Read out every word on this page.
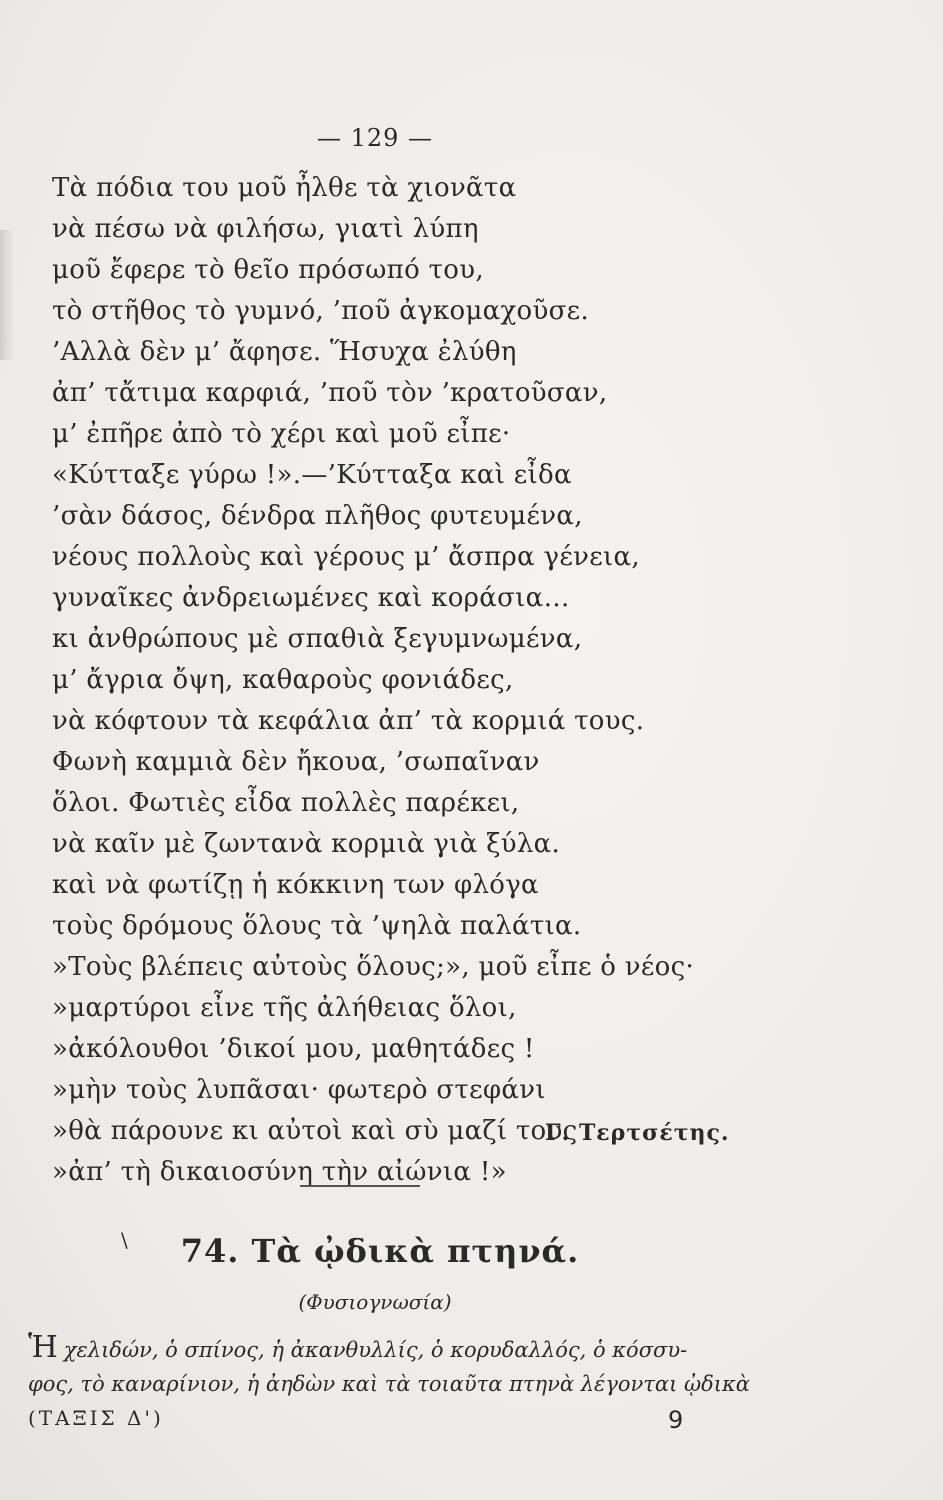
— 129 —
Τὰ πόδια του μοῦ ἦλθε τὰ χιονᾶτα
νὰ πέσω νὰ φιλήσω, γιατὶ λύπη
μοῦ ἔφερε τὸ θεῖο πρόσωπό του,
τὸ στῆθος τὸ γυμνό, ’ποῦ ἀγκομαχοῦσε.
’Αλλὰ δὲν μ’ ἄφησε. Ἥσυχα ἐλύθη
ἀπ’ τἄτιμα καρφιά, ’ποῦ τὸν ’κρατοῦσαν,
μ’ ἐπῆρε ἀπὸ τὸ χέρι καὶ μοῦ εἶπε·
«Κύτταξε γύρω !».—’Κύτταξα καὶ εἶδα
’σὰν δάσος, δένδρα πλῆθος φυτευμένα,
νέους πολλοὺς καὶ γέρους μ’ ἄσπρα γένεια,
γυναῖκες ἀνδρειωμένες καὶ κοράσια…
κι ἀνθρώπους μὲ σπαθιὰ ξεγυμνωμένα,
μ’ ἄγρια ὄψη, καθαροὺς φονιάδες,
νὰ κόφτουν τὰ κεφάλια ἀπ’ τὰ κορμιά τους.
Φωνὴ καμμιὰ δὲν ἤκουα, ’σωπαῖναν
ὅλοι. Φωτιὲς εἶδα πολλὲς παρέκει,
νὰ καῖν μὲ ζωντανὰ κορμιὰ γιὰ ξύλα.
καὶ νὰ φωτίζῃ ἡ κόκκινη των φλόγα
τοὺς δρόμους ὅλους τὰ ’ψηλὰ παλάτια.
»Τοὺς βλέπεις αὐτοὺς ὅλους;», μοῦ εἶπε ὁ νέος·
»μαρτύροι εἶνε τῆς ἀλήθειας ὅλοι,
»ἀκόλουθοι ’δικοί μου, μαθητάδες !
»μὴν τοὺς λυπᾶσαι· φωτερὸ στεφάνι
»θὰ πάρουνε κι αὐτοὶ καὶ σὺ μαζί τους
»ἀπ’ τὴ δικαιοσύνη τὴν αἰώνια !»
Γ. Τερτσέτης.
\	74. Τὰ ᾠδικὰ πτηνά.
(Φυσιογνωσία)
Ἡ χελιδών, ὁ σπίνος, ἡ ἀκανθυλλίς, ὁ κορυδαλλός, ὁ κόσσυ-
φος, τὸ καναρίνιον, ἡ ἀηδὼν καὶ τὰ τοιαῦτα πτηνὰ λέγονται ᾠδικὰ
(ΤΑΞΙΣ Δ')	9
